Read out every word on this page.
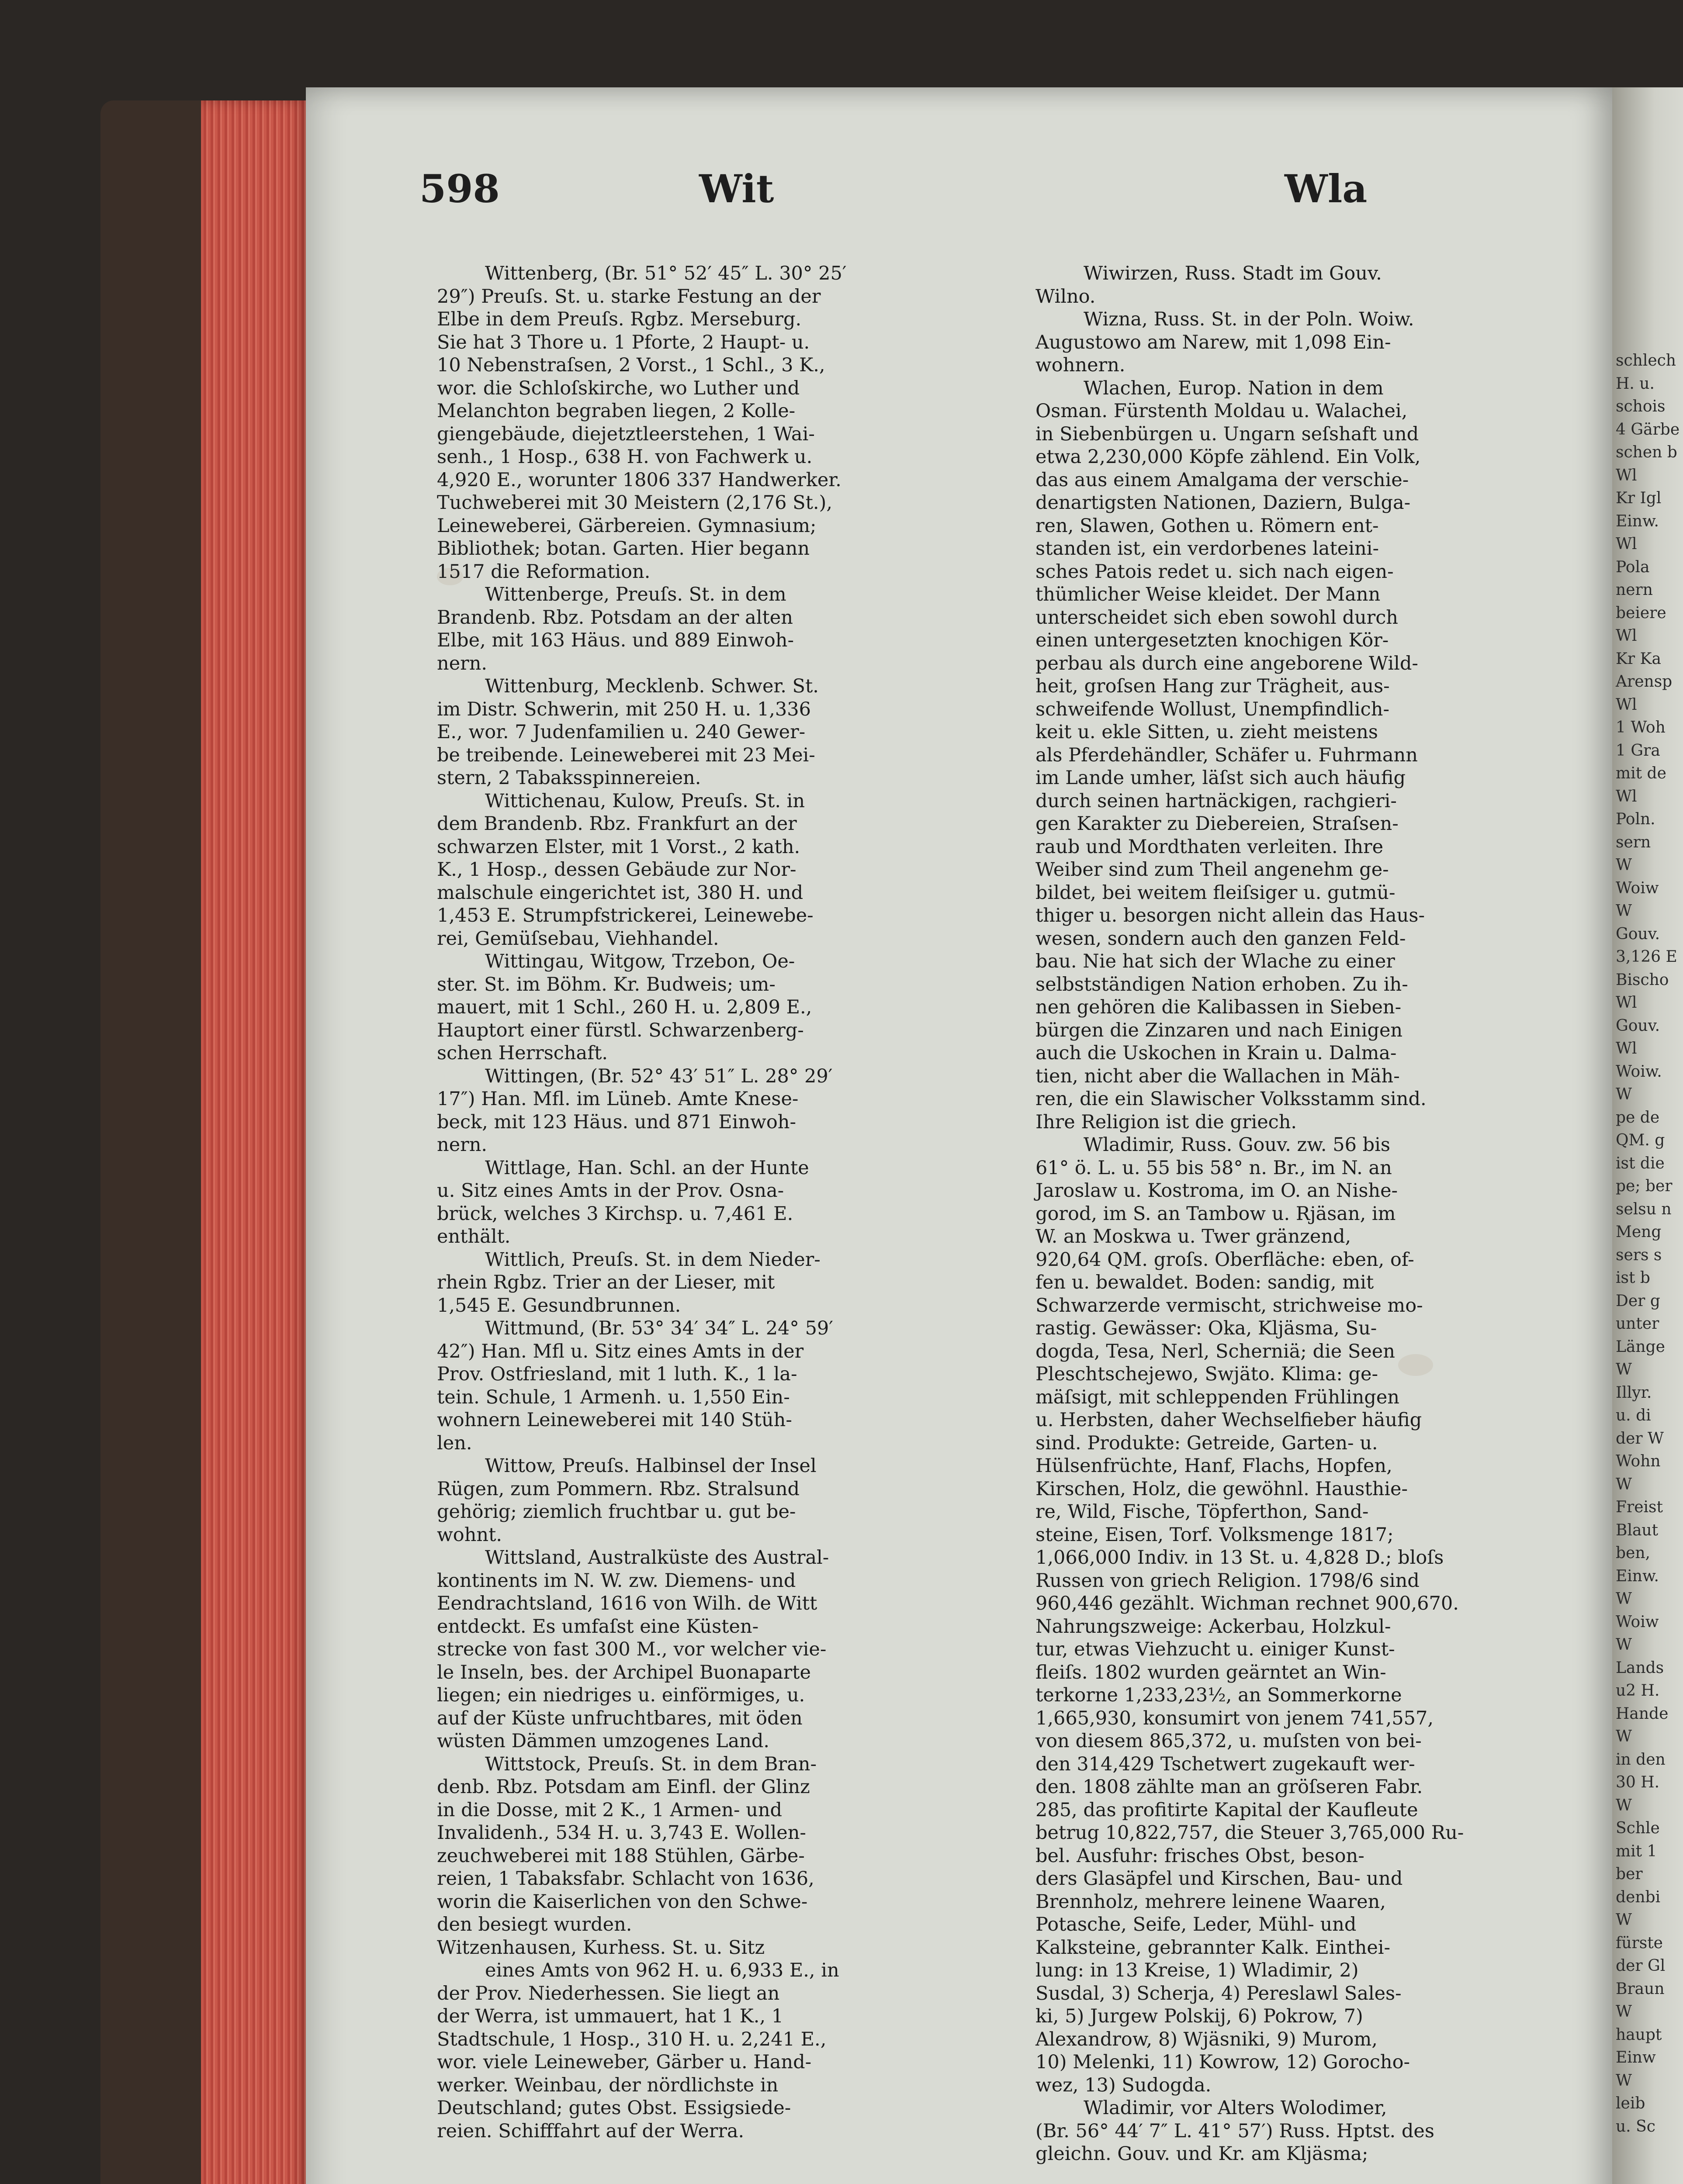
schlech
H. u.
schois
4 Gärbe
schen b
Wl
Kr Igl
Einw.
Wl
Pola
nern
beiere
Wl
Kr Ka
Arensp
Wl
1 Woh
1 Gra
mit de
Wl
Poln.
sern
W
Woiw
W
Gouv.
3,126 E
Bischo
Wl
Gouv.
Wl
Woiw.
W
pe de
QM. g
ist die
pe; ber
selsu n
Meng
sers s
ist b
Der g
unter
Länge
W
Illyr.
u. di
der W
Wohn
W
Freist
Blaut
ben,
Einw.
W
Woiw
W
Lands
u2 H.
Hande
W
in den
30 H.
W
Schle
mit 1
ber
denbi
W
fürste
der Gl
Braun
W
haupt
Einw
W
leib
u. Sc
598	Wit	Wla
Wittenberg, (Br. 51° 52′ 45″ L. 30° 25′
29″) Preuſs. St. u. starke Festung an der
Elbe in dem Preuſs. Rgbz. Merseburg.
Sie hat 3 Thore u. 1 Pforte, 2 Haupt- u.
10 Nebenstraſsen, 2 Vorst., 1 Schl., 3 K.,
wor. die Schloſskirche, wo Luther und
Melanchton begraben liegen, 2 Kolle-
giengebäude, diejetztleerstehen, 1 Wai-
senh., 1 Hosp., 638 H. von Fachwerk u.
4,920 E., worunter 1806 337 Handwerker.
Tuchweberei mit 30 Meistern (2,176 St.),
Leineweberei, Gärbereien. Gymnasium;
Bibliothek; botan. Garten. Hier begann
1517 die Reformation.
Wittenberge, Preuſs. St. in dem
Brandenb. Rbz. Potsdam an der alten
Elbe, mit 163 Häus. und 889 Einwoh-
nern.
Wittenburg, Mecklenb. Schwer. St.
im Distr. Schwerin, mit 250 H. u. 1,336
E., wor. 7 Judenfamilien u. 240 Gewer-
be treibende. Leineweberei mit 23 Mei-
stern, 2 Tabaksspinnereien.
Wittichenau, Kulow, Preuſs. St. in
dem Brandenb. Rbz. Frankfurt an der
schwarzen Elster, mit 1 Vorst., 2 kath.
K., 1 Hosp., dessen Gebäude zur Nor-
malschule eingerichtet ist, 380 H. und
1,453 E. Strumpfstrickerei, Leinewebe-
rei, Gemüſsebau, Viehhandel.
Wittingau, Witgow, Trzebon, Oe-
ster. St. im Böhm. Kr. Budweis; um-
mauert, mit 1 Schl., 260 H. u. 2,809 E.,
Hauptort einer fürstl. Schwarzenberg-
schen Herrschaft.
Wittingen, (Br. 52° 43′ 51″ L. 28° 29′
17″) Han. Mfl. im Lüneb. Amte Knese-
beck, mit 123 Häus. und 871 Einwoh-
nern.
Wittlage, Han. Schl. an der Hunte
u. Sitz eines Amts in der Prov. Osna-
brück, welches 3 Kirchsp. u. 7,461 E.
enthält.
Wittlich, Preuſs. St. in dem Nieder-
rhein Rgbz. Trier an der Lieser, mit
1,545 E. Gesundbrunnen.
Wittmund, (Br. 53° 34′ 34″ L. 24° 59′
42″) Han. Mfl u. Sitz eines Amts in der
Prov. Ostfriesland, mit 1 luth. K., 1 la-
tein. Schule, 1 Armenh. u. 1,550 Ein-
wohnern Leineweberei mit 140 Stüh-
len.
Wittow, Preuſs. Halbinsel der Insel
Rügen, zum Pommern. Rbz. Stralsund
gehörig; ziemlich fruchtbar u. gut be-
wohnt.
Wittsland, Australküste des Austral-
kontinents im N. W. zw. Diemens- und
Eendrachtsland, 1616 von Wilh. de Witt
entdeckt. Es umfaſst eine Küsten-
strecke von fast 300 M., vor welcher vie-
le Inseln, bes. der Archipel Buonaparte
liegen; ein niedriges u. einförmiges, u.
auf der Küste unfruchtbares, mit öden
wüsten Dämmen umzogenes Land.
Wittstock, Preuſs. St. in dem Bran-
denb. Rbz. Potsdam am Einfl. der Glinz
in die Dosse, mit 2 K., 1 Armen- und
Invalidenh., 534 H. u. 3,743 E. Wollen-
zeuchweberei mit 188 Stühlen, Gärbe-
reien, 1 Tabaksfabr. Schlacht von 1636,
worin die Kaiserlichen von den Schwe-
den besiegt wurden.
Witzenhausen, Kurhess. St. u. Sitz
eines Amts von 962 H. u. 6,933 E., in
der Prov. Niederhessen. Sie liegt an
der Werra, ist ummauert, hat 1 K., 1
Stadtschule, 1 Hosp., 310 H. u. 2,241 E.,
wor. viele Leineweber, Gärber u. Hand-
werker. Weinbau, der nördlichste in
Deutschland; gutes Obst. Essigsiede-
reien. Schifffahrt auf der Werra.
Wiwirzen, Russ. Stadt im Gouv.
Wilno.
Wizna, Russ. St. in der Poln. Woiw.
Augustowo am Narew, mit 1,098 Ein-
wohnern.
Wlachen, Europ. Nation in dem
Osman. Fürstenth Moldau u. Walachei,
in Siebenbürgen u. Ungarn seſshaft und
etwa 2,230,000 Köpfe zählend. Ein Volk,
das aus einem Amalgama der verschie-
denartigsten Nationen, Daziern, Bulga-
ren, Slawen, Gothen u. Römern ent-
standen ist, ein verdorbenes lateini-
sches Patois redet u. sich nach eigen-
thümlicher Weise kleidet. Der Mann
unterscheidet sich eben sowohl durch
einen untergesetzten knochigen Kör-
perbau als durch eine angeborene Wild-
heit, groſsen Hang zur Trägheit, aus-
schweifende Wollust, Unempfindlich-
keit u. ekle Sitten, u. zieht meistens
als Pferdehändler, Schäfer u. Fuhrmann
im Lande umher, läſst sich auch häufig
durch seinen hartnäckigen, rachgieri-
gen Karakter zu Diebereien, Straſsen-
raub und Mordthaten verleiten. Ihre
Weiber sind zum Theil angenehm ge-
bildet, bei weitem fleiſsiger u. gutmü-
thiger u. besorgen nicht allein das Haus-
wesen, sondern auch den ganzen Feld-
bau. Nie hat sich der Wlache zu einer
selbstständigen Nation erhoben. Zu ih-
nen gehören die Kalibassen in Sieben-
bürgen die Zinzaren und nach Einigen
auch die Uskochen in Krain u. Dalma-
tien, nicht aber die Wallachen in Mäh-
ren, die ein Slawischer Volksstamm sind.
Ihre Religion ist die griech.
Wladimir, Russ. Gouv. zw. 56 bis
61° ö. L. u. 55 bis 58° n. Br., im N. an
Jaroslaw u. Kostroma, im O. an Nishe-
gorod, im S. an Tambow u. Rjäsan, im
W. an Moskwa u. Twer gränzend,
920,64 QM. groſs. Oberfläche: eben, of-
fen u. bewaldet. Boden: sandig, mit
Schwarzerde vermischt, strichweise mo-
rastig. Gewässer: Oka, Kljäsma, Su-
dogda, Tesa, Nerl, Scherniä; die Seen
Pleschtschejewo, Swjäto. Klima: ge-
mäſsigt, mit schleppenden Frühlingen
u. Herbsten, daher Wechselfieber häufig
sind. Produkte: Getreide, Garten- u.
Hülsenfrüchte, Hanf, Flachs, Hopfen,
Kirschen, Holz, die gewöhnl. Hausthie-
re, Wild, Fische, Töpferthon, Sand-
steine, Eisen, Torf. Volksmenge 1817;
1,066,000 Indiv. in 13 St. u. 4,828 D.; bloſs
Russen von griech Religion. 1798/6 sind
960,446 gezählt. Wichman rechnet 900,670.
Nahrungszweige: Ackerbau, Holzkul-
tur, etwas Viehzucht u. einiger Kunst-
fleiſs. 1802 wurden geärntet an Win-
terkorne 1,233,23½, an Sommerkorne
1,665,930, konsumirt von jenem 741,557,
von diesem 865,372, u. muſsten von bei-
den 314,429 Tschetwert zugekauft wer-
den. 1808 zählte man an gröſseren Fabr.
285, das profitirte Kapital der Kaufleute
betrug 10,822,757, die Steuer 3,765,000 Ru-
bel. Ausfuhr: frisches Obst, beson-
ders Glasäpfel und Kirschen, Bau- und
Brennholz, mehrere leinene Waaren,
Potasche, Seife, Leder, Mühl- und
Kalksteine, gebrannter Kalk. Einthei-
lung: in 13 Kreise, 1) Wladimir, 2)
Susdal, 3) Scherja, 4) Pereslawl Sales-
ki, 5) Jurgew Polskij, 6) Pokrow, 7)
Alexandrow, 8) Wjäsniki, 9) Murom,
10) Melenki, 11) Kowrow, 12) Gorocho-
wez, 13) Sudogda.
Wladimir, vor Alters Wolodimer,
(Br. 56° 44′ 7″ L. 41° 57′) Russ. Hptst. des
gleichn. Gouv. und Kr. am Kljäsma;
